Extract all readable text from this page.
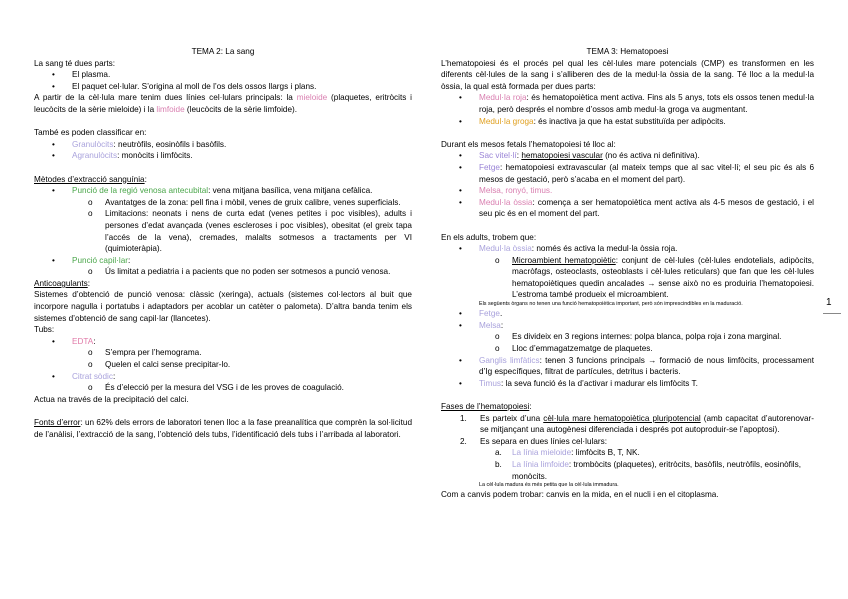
TEMA 2: La sang

La sang té dues parts:

• El plasma.
• El paquet cel·lular. S’origina al moll de l’os dels ossos llargs i plans.

A partir de la cèl·lula mare tenim dues línies cel·lulars principals: la mieloide (plaquetes, eritròcits i leucòcits de la sèrie mieloide) i la limfoide (leucòcits de la sèrie limfoide).

També es poden classificar en:

• Granulòcits: neutròfils, eosinòfils i basòfils.
• Agranulòcits: monòcits i limfòcits.

Mètodes d’extracció sanguínia:

• Punció de la regió venosa antecubital: vena mitjana basílica, vena mitjana cefàlica.
o Avantatges de la zona: pell fina i mòbil, venes de gruix calibre, venes superficials.
o Limitacions: neonats i nens de curta edat (venes petites i poc visibles), adults i persones d’edat avançada (venes escleroses i poc visibles), obesitat (el greix tapa l’accés de la vena), cremades, malalts sotmesos a tractaments per VI (quimioteràpia).
• Punció capil·lar:
o Ús limitat a pediatria i a pacients que no poden ser sotmesos a punció venosa.

Anticoagulants:

Sistemes d’obtenció de punció venosa: clàssic (xeringa), actuals (sistemes col·lectors al buit que incorpore nagulla i portatubs i adaptadors per acoblar un catèter o palometa). D’altra banda tenim els sistemes d’obtenció de sang capil·lar (llancetes).

Tubs:

• EDTA:
o S’empra per l’hemograma.
o Quelen el calci sense precipitar-lo.
• Citrat sòdic:
o És d’elecció per la mesura del VSG i de les proves de coagulació.

Actua na través de la precipitació del calci.

Fonts d’error: un 62% dels errors de laboratori tenen lloc a la fase preanalítica que comprèn la sol·licitud de l’anàlisi, l’extracció de la sang, l’obtenció dels tubs, l’identificació dels tubs i l’arribada al laboratori.

TEMA 3: Hematopoesi

L’hematopoiesi és el procés pel qual les cèl·lules mare potencials (CMP) es transformen en les diferents cèl·lules de la sang i s’alliberen des de la medul·la òssia de la sang. Té lloc a la medul·la òssia, la qual està formada per dues parts:

• Medul·la roja: és hematopoiètica ment activa. Fins als 5 anys, tots els ossos tenen medul·la roja, però després el nombre d’ossos amb medul·la groga va augmentant.
• Medul·la groga: és inactiva ja que ha estat substituïda per adipòcits.

Durant els mesos fetals l’hematopoiesi té lloc al:

• Sac vitel·lí: hematopoiesi vascular (no és activa ni definitiva).
• Fetge: hematopoiesi extravascular (al mateix temps que al sac vitel·lí; el seu pic és als 6 mesos de gestació, però s’acaba en el moment del part).
• Melsa, ronyó, timus.
• Medul·la òssia: comença a ser hematopoiètica ment activa als 4-5 mesos de gestació, i el seu pic és en el moment del part.

En els adults, trobem que:

• Medul·la òssia: només és activa la medul·la òssia roja.
o Microambient hematopoiètic: conjunt de cèl·lules (cèl·lules endotelials, adipòcits, macròfags, osteoclasts, osteoblasts i cèl·lules reticulars) que fan que les cèl·lules hematopoiètiques quedin ancalades → sense això no es produiria l’hematopoiesi. L’estroma també produeix el microambient.

Els següents òrgans no tenen una funció hematopoiètica important, però són imprescindibles en la maduració.

• Fetge.
• Melsa:
o Es divideix en 3 regions internes: polpa blanca, polpa roja i zona marginal.
o Lloc d’emmagatzematge de plaquetes.
• Ganglis limfàtics: tenen 3 funcions principals → formació de nous limfòcits, processament d’Ig específiques, filtrat de partícules, detritus i bacteris.
• Timus: la seva funció és la d’activar i madurar els limfòcits T.

Fases de l’hematopoiesi:

1. Es parteix d’una cèl·lula mare hematopoiètica pluripotencial (amb capacitat d’autorenovar-se mitjançant una autogènesi diferenciada i després pot autoproduir-se l’apoptosi).
2. Es separa en dues línies cel·lulars:
a. La línia mieloide: limfòcits B, T, NK.
b. La línia limfoide: trombòcits (plaquetes), eritròcits, basòfils, neutròfils, eosinòfils, monòcits.

La cèl·lula madura és més petita que la cèl·lula immadura.

Com a canvis podem trobar: canvis en la mida, en el nucli i en el citoplasma.

1
